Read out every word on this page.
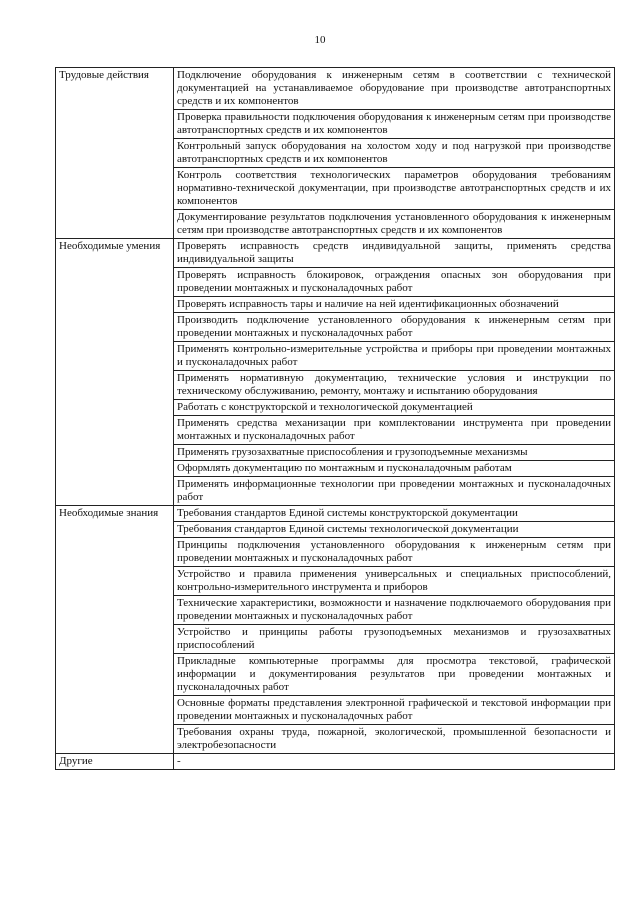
10
Трудовые действия	Подключение оборудования к инженерным сетям в соответствии с технической документацией на устанавливаемое оборудование при производстве автотранспортных средств и их компонентов
	Проверка правильности подключения оборудования к инженерным сетям при производстве автотранспортных средств и их компонентов
	Контрольный запуск оборудования на холостом ходу и под нагрузкой при производстве автотранспортных средств и их компонентов
	Контроль соответствия технологических параметров оборудования требованиям нормативно-технической документации, при производстве автотранспортных средств и их компонентов
	Документирование результатов подключения установленного оборудования к инженерным сетям при производстве автотранспортных средств и их компонентов
Необходимые умения	Проверять исправность средств индивидуальной защиты, применять средства индивидуальной защиты
	Проверять исправность блокировок, ограждения опасных зон оборудования при проведении монтажных и пусконаладочных работ
	Проверять исправность тары и наличие на ней идентификационных обозначений
	Производить подключение установленного оборудования к инженерным сетям при проведении монтажных и пусконаладочных работ
	Применять контрольно-измерительные устройства и приборы при проведении монтажных и пусконаладочных работ
	Применять нормативную документацию, технические условия и инструкции по техническому обслуживанию, ремонту, монтажу и испытанию оборудования
	Работать с конструкторской и технологической документацией
	Применять средства механизации при комплектовании инструмента при проведении монтажных и пусконаладочных работ
	Применять грузозахватные приспособления и грузоподъемные механизмы
	Оформлять документацию по монтажным и пусконаладочным работам
	Применять информационные технологии при проведении монтажных и пусконаладочных работ
Необходимые знания	Требования стандартов Единой системы конструкторской документации
	Требования стандартов Единой системы технологической документации
	Принципы подключения установленного оборудования к инженерным сетям при проведении монтажных и пусконаладочных работ
	Устройство и правила применения универсальных и специальных приспособлений, контрольно-измерительного инструмента и приборов
	Технические характеристики, возможности и назначение подключаемого оборудования при проведении монтажных и пусконаладочных работ
	Устройство и принципы работы грузоподъемных механизмов и грузозахватных приспособлений
	Прикладные компьютерные программы для просмотра текстовой, графической информации и документирования результатов при проведении монтажных и пусконаладочных работ
	Основные форматы представления электронной графической и текстовой информации при проведении монтажных и пусконаладочных работ
	Требования охраны труда, пожарной, экологической, промышленной безопасности и электробезопасности
Другие	-
